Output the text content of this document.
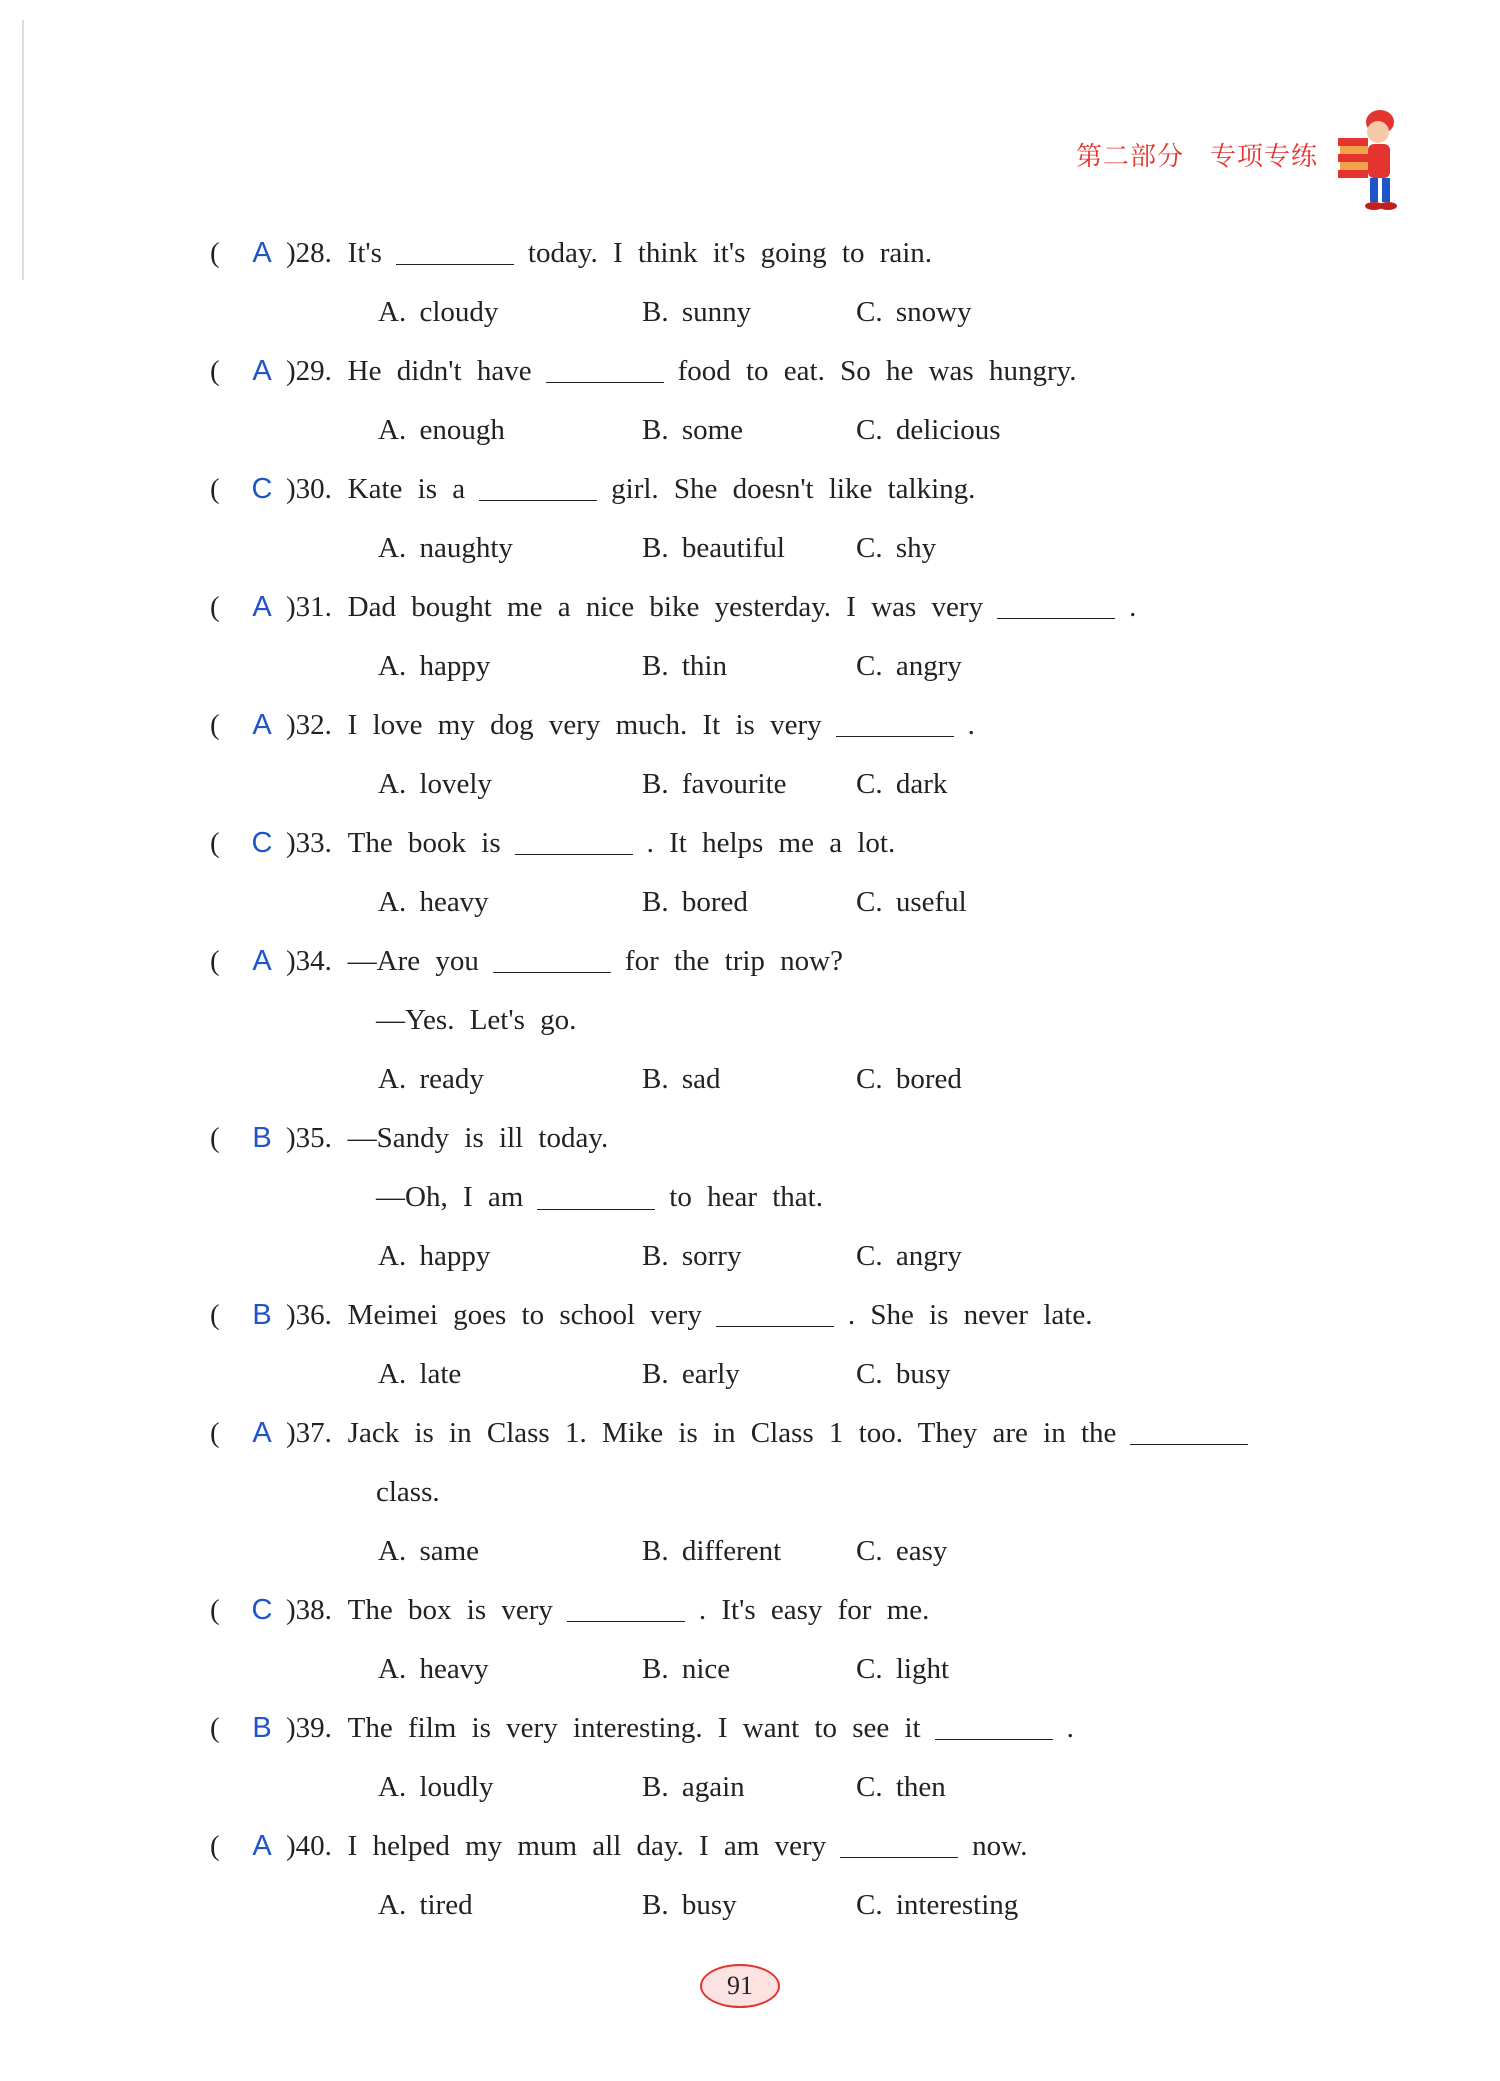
第二部分 专项专练
(	A ) 28. It's	today. I think it's going to rain.
A. cloudy	B. sunny	C. snowy
(	A ) 29. He didn't have	food to eat. So he was hungry.
A. enough	B. some	C. delicious
(	C ) 30. Kate is a	girl. She doesn't like talking.
A. naughty	B. beautiful C. shy
(	A ) 31. Dad bought me a nice bike yesterday. I was very	.
A. happy	B. thin	C. angry
(	A ) 32. I love my dog very much. It is very	.
A. lovely	B. favourite C. dark
(	C ) 33. The book is	. It helps me a lot.
A. heavy	B. bored	C. useful
(	A ) 34. —Are you	for the trip now?
—Yes. Let's go.
A. ready	B. sad	C. bored
(	B ) 35. —Sandy is ill today.
—Oh, I am	to hear that.
A. happy	B. sorry	C. angry
(	B ) 36. Meimei goes to school very	. She is never late.
A. late	B. early	C. busy
(	A ) 37. Jack is in Class 1. Mike is in Class 1 too. They are in the
class.
A. same	B. different	C. easy
(	C ) 38. The box is very	. It's easy for me.
A. heavy	B. nice	C. light
(	B ) 39. The film is very interesting. I want to see it	.
A. loudly	B. again	C. then
(	A ) 40. I helped my mum all day. I am very	now.
A. tired	B. busy	C. interesting
91
